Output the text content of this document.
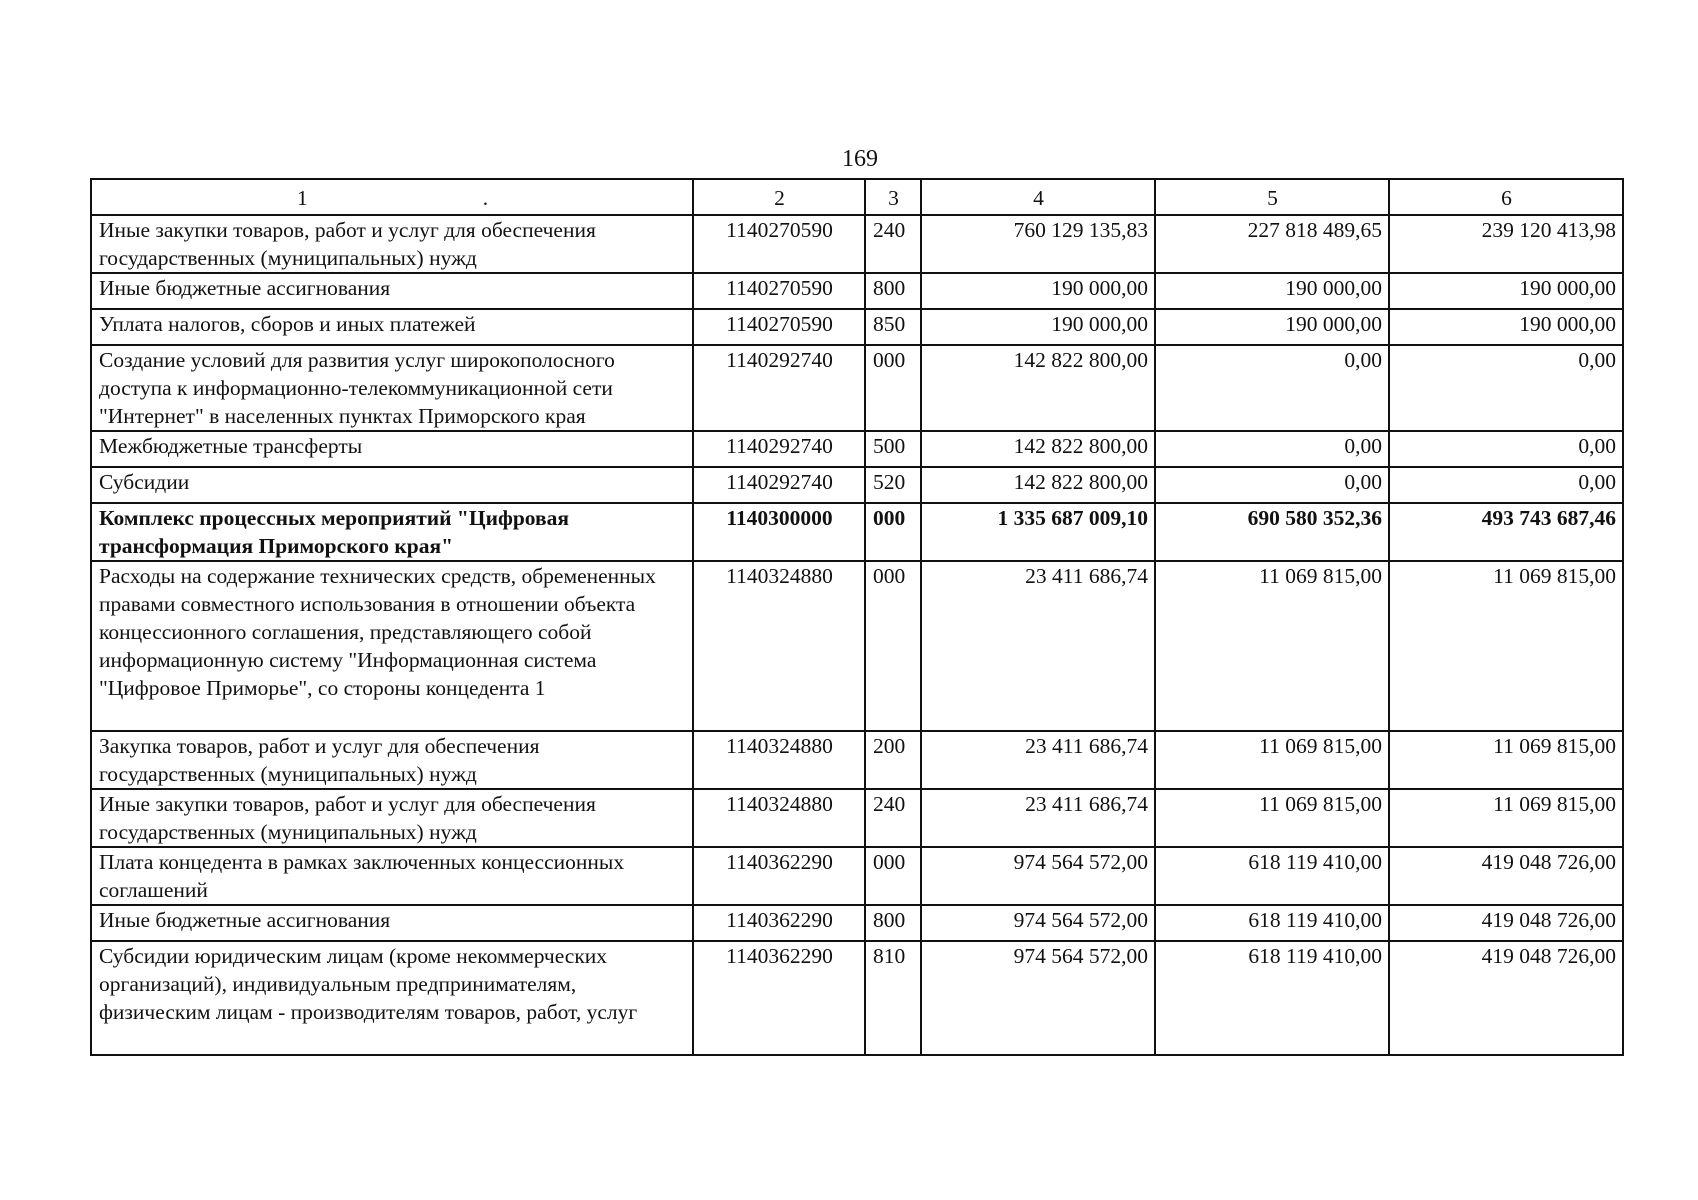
169
1 .	2	3	4	5	6
Иные закупки товаров, работ и услуг для обеспечения государственных (муниципальных) нужд	1140270590	240	760 129 135,83	227 818 489,65	239 120 413,98
Иные бюджетные ассигнования	1140270590	800	190 000,00	190 000,00	190 000,00
Уплата налогов, сборов и иных платежей	1140270590	850	190 000,00	190 000,00	190 000,00
Создание условий для развития услуг широкополосного доступа к информационно-телекоммуникационной сети "Интернет" в населенных пунктах Приморского края	1140292740	000	142 822 800,00	0,00	0,00
Межбюджетные трансферты	1140292740	500	142 822 800,00	0,00	0,00
Субсидии	1140292740	520	142 822 800,00	0,00	0,00
Комплекс процессных мероприятий "Цифровая трансформация Приморского края"	1140300000	000	1 335 687 009,10	690 580 352,36	493 743 687,46
Расходы на содержание технических средств, обремененных правами совместного использования в отношении объекта концессионного соглашения, представляющего собой информационную систему "Информационная система "Цифровое Приморье", со стороны концедента 1	1140324880	000	23 411 686,74	11 069 815,00	11 069 815,00
Закупка товаров, работ и услуг для обеспечения государственных (муниципальных) нужд	1140324880	200	23 411 686,74	11 069 815,00	11 069 815,00
Иные закупки товаров, работ и услуг для обеспечения государственных (муниципальных) нужд	1140324880	240	23 411 686,74	11 069 815,00	11 069 815,00
Плата концедента в рамках заключенных концессионных соглашений	1140362290	000	974 564 572,00	618 119 410,00	419 048 726,00
Иные бюджетные ассигнования	1140362290	800	974 564 572,00	618 119 410,00	419 048 726,00
Субсидии юридическим лицам (кроме некоммерческих организаций), индивидуальным предпринимателям, физическим лицам - производителям товаров, работ, услуг	1140362290	810	974 564 572,00	618 119 410,00	419 048 726,00
